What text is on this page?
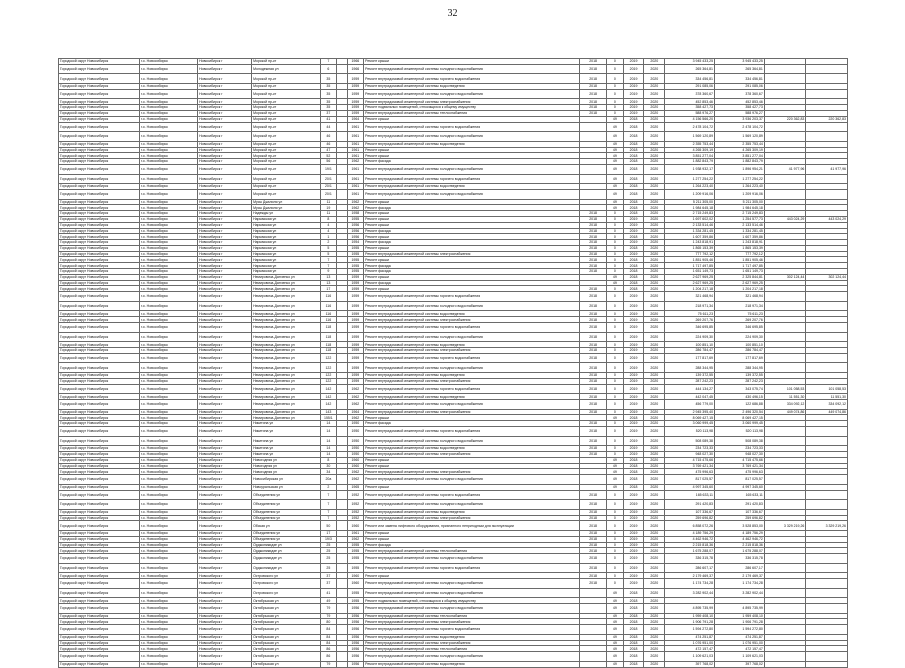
32
Городской округ Новосибирск	г.о. Новосибирск	Новосибирск г	Морской пр-кт	7		1966	Ремонт крыши	2018	0	2019	2020	3 945 433,25	3 945 433,25		
Городской округ Новосибирск	г.о. Новосибирск	Новосибирск г	Молодежная ул	6		1966	Ремонт внутридомовой инженерной системы холодного водоснабжения	2018	0	2019	2020	265 364,81	265 364,81		
Городской округ Новосибирск	г.о. Новосибирск	Новосибирск г	Морской пр-кт	35		1959	Ремонт внутридомовой инженерной системы горячего водоснабжения	2018	0	2019	2020	334 456,81	334 456,81		
Городской округ Новосибирск	г.о. Новосибирск	Новосибирск г	Морской пр-кт	35		1959	Ремонт внутридомовой инженерной системы водоотведения	2018	0	2019	2020	291 085,06	291 085,06		
Городской округ Новосибирск	г.о. Новосибирск	Новосибирск г	Морской пр-кт	35		1959	Ремонт внутридомовой инженерной системы холодного водоснабжения	2018	0	2019	2020	378 360,67	378 360,67		
Городской округ Новосибирск	г.о. Новосибирск	Новосибирск г	Морской пр-кт	35		1959	Ремонт внутридомовой инженерной системы электроснабжения	2018	0	2019	2020	452 853,46	452 853,46		
Городской округ Новосибирск	г.о. Новосибирск	Новосибирск г	Морской пр-кт	35		1959	Ремонт подвальных помещений, относящихся к общему имуществу	2018	0	2019	2020	358 427,73	358 427,73		
Городской округ Новосибирск	г.о. Новосибирск	Новосибирск г	Морской пр-кт	37		1959	Ремонт внутридомовой инженерной системы теплоснабжения	2018	0	2019	2020	588 976,27	588 976,27		
Городской округ Новосибирск	г.о. Новосибирск	Новосибирск г	Морской пр-кт	41		1964	Ремонт крыши		49	2018	2020	4 156 566,20	3 936 203,37	220 362,83	220 362,83
Городской округ Новосибирск	г.о. Новосибирск	Новосибирск г	Морской пр-кт	44		1961	Ремонт внутридомовой инженерной системы горячего водоснабжения		49	2018	2020	2 478 104,72	2 478 104,72		
Городской округ Новосибирск	г.о. Новосибирск	Новосибирск г	Морской пр-кт	46		1961	Ремонт внутридомовой инженерной системы холодного водоснабжения		49	2018	2020	1 569 120,89	1 569 120,89		
Городской округ Новосибирск	г.о. Новосибирск	Новосибирск г	Морской пр-кт	46		1961	Ремонт внутридомовой инженерной системы водоотведения		49	2018	2020	2 355 753,44	2 355 753,44		
Городской округ Новосибирск	г.о. Новосибирск	Новосибирск г	Морской пр-кт	47		1961	Ремонт крыши		49	2018	2020	4 265 309,19	4 265 309,19		
Городской округ Новосибирск	г.о. Новосибирск	Новосибирск г	Морской пр-кт	52		1961	Ремонт крыши		49	2018	2020	3 851 277,04	3 851 277,04		
Городской округ Новосибирск	г.о. Новосибирск	Новосибирск г	Морской пр-кт	56		1962	Ремонт фасада		49	2018	2020	1 882 843,79	1 882 843,79		
Городской округ Новосибирск	г.о. Новосибирск	Новосибирск г	Морской пр-кт	19/1		1961	Ремонт внутридомовой инженерной системы холодного водоснабжения		49	2018	2020	1 938 932,17	1 896 954,21	41 977,96	41 977,96
Городской округ Новосибирск	г.о. Новосибирск	Новосибирск г	Морской пр-кт	20/1		1961	Ремонт внутридомовой инженерной системы горячего водоснабжения		49	2018	2020	1 277 254,22	1 277 254,22		
Городской округ Новосибирск	г.о. Новосибирск	Новосибирск г	Морской пр-кт	20/1		1961	Ремонт внутридомовой инженерной системы водоотведения		49	2018	2020	1 264 223,40	1 264 223,40		
Городской округ Новосибирск	г.о. Новосибирск	Новосибирск г	Морской пр-кт	20/1		1961	Ремонт внутридомовой инженерной системы холодного водоснабжения		49	2018	2020	1 209 916,06	1 209 916,06		
Городской округ Новосибирск	г.о. Новосибирск	Новосибирск г	Мусы Джалиля ул	11		1962	Ремонт крыши		49	2018	2020	5 211 305,00	5 211 305,00		
Городской округ Новосибирск	г.о. Новосибирск	Новосибирск г	Мусы Джалиля ул	19		1962	Ремонт фасада		49	2018	2020	1 984 645,18	1 984 645,18		
Городской округ Новосибирск	г.о. Новосибирск	Новосибирск г	Надежды ул	11		1958	Ремонт крыши	2018	0	2018	2020	2 715 249,83	2 715 249,83		
Городской округ Новосибирск	г.о. Новосибирск	Новосибирск г	Нарымская ул	8		1955	Ремонт крыши	2018	0	2019	2020	1 697 602,02	1 254 577,73	443 024,29	443 024,29
Городской округ Новосибирск	г.о. Новосибирск	Новосибирск г	Нарымская ул	4		1956	Ремонт крыши	2018	0	2019	2020	2 133 514,46	2 133 514,46		
Городской округ Новосибирск	г.о. Новосибирск	Новосибирск г	Нарымская ул	4		1956	Ремонт фасада	2018	0	2019	2020	1 334 281,45	1 334 281,45		
Городской округ Новосибирск	г.о. Новосибирск	Новосибирск г	Нарымская ул	1		1956	Ремонт крыши	2018	0	2018	2020	1 607 359,86	1 607 359,86		
Городской округ Новосибирск	г.о. Новосибирск	Новосибирск г	Нарымская ул	2		1954	Ремонт фасада	2018	0	2019	2020	1 243 818,91	1 243 818,91		
Городской округ Новосибирск	г.о. Новосибирск	Новосибирск г	Нарымская ул	5		1955	Ремонт крыши	2018	0	2018	2020	1 865 153,39	1 865 153,39		
Городской округ Новосибирск	г.о. Новосибирск	Новосибирск г	Нарымская ул	5		1955	Ремонт внутридомовой инженерной системы электроснабжения	2018	0	2019	2020	777 792,12	777 792,12		
Городской округ Новосибирск	г.о. Новосибирск	Новосибирск г	Нарымская ул	7		1955	Ремонт крыши	2018	0	2018	2020	1 851 905,46	1 851 905,46		
Городской округ Новосибирск	г.о. Новосибирск	Новосибирск г	Нарымская ул	7		1955	Ремонт фасада	2018	0	2018	2020	1 717 497,85	1 717 497,85		
Городской округ Новосибирск	г.о. Новосибирск	Новосибирск г	Нарымская ул	9		1955	Ремонт фасада	2018	0	2018	2020	1 651 149,73	1 651 149,73		
Городской округ Новосибирск	г.о. Новосибирск	Новосибирск г	Немировича-Данченко ул	13		1959	Ремонт крыши		49	2018	2020	2 627 969,25	2 325 844,81	302 124,44	302 124,44
Городской округ Новосибирск	г.о. Новосибирск	Новосибирск г	Немировича-Данченко ул	13		1959	Ремонт фасада		49	2018	2020	2 627 969,25	2 627 969,25		
Городской округ Новосибирск	г.о. Новосибирск	Новосибирск г	Немировича-Данченко ул	17		1959	Ремонт крыши	2018	0	2018	2020	1 204 217,18	1 204 217,18		
Городской округ Новосибирск	г.о. Новосибирск	Новосибирск г	Немировича-Данченко ул	116		1959	Ремонт внутридомовой инженерной системы горячего водоснабжения	2018	0	2019	2020	321 468,94	321 468,94		
Городской округ Новосибирск	г.о. Новосибирск	Новосибирск г	Немировича-Данченко ул	116		1959	Ремонт внутридомовой инженерной системы холодного водоснабжения	2018	0	2019	2020	218 971,34	218 971,34		
Городской округ Новосибирск	г.о. Новосибирск	Новосибирск г	Немировича-Данченко ул	116		1959	Ремонт внутридомовой инженерной системы водоотведения	2018	0	2019	2020	75 611,23	75 611,23		
Городской округ Новосибирск	г.о. Новосибирск	Новосибирск г	Немировича-Данченко ул	116		1959	Ремонт внутридомовой инженерной системы электроснабжения	2018	0	2019	2020	269 207,76	269 207,76		
Городской округ Новосибирск	г.о. Новосибирск	Новосибирск г	Немировича-Данченко ул	118		1959	Ремонт внутридомовой инженерной системы горячего водоснабжения	2018	0	2019	2020	346 695,85	346 695,85		
Городской округ Новосибирск	г.о. Новосибирск	Новосибирск г	Немировича-Данченко ул	118		1959	Ремонт внутридомовой инженерной системы холодного водоснабжения	2018	0	2019	2020	224 909,30	224 909,30		
Городской округ Новосибирск	г.о. Новосибирск	Новосибирск г	Немировича-Данченко ул	118		1959	Ремонт внутридомовой инженерной системы водоотведения	2018	0	2019	2020	100 851,10	100 851,10		
Городской округ Новосибирск	г.о. Новосибирск	Новосибирск г	Немировича-Данченко ул	118		1959	Ремонт внутридомовой инженерной системы электроснабжения	2018	0	2019	2020	286 784,47	286 784,47		
Городской округ Новосибирск	г.о. Новосибирск	Новосибирск г	Немировича-Данченко ул	122		1959	Ремонт внутридомовой инженерной системы горячего водоснабжения	2018	0	2019	2020	177 817,69	177 817,69		
Городской округ Новосибирск	г.о. Новосибирск	Новосибирск г	Немировича-Данченко ул	122		1959	Ремонт внутридомовой инженерной системы холодного водоснабжения	2018	0	2019	2020	288 344,95	288 344,95		
Городской округ Новосибирск	г.о. Новосибирск	Новосибирск г	Немировича-Данченко ул	122		1959	Ремонт внутридомовой инженерной системы водоотведения	2018	0	2019	2020	139 372,55	139 372,55		
Городской округ Новосибирск	г.о. Новосибирск	Новосибирск г	Немировича-Данченко ул	122		1959	Ремонт внутридомовой инженерной системы электроснабжения	2018	0	2019	2020	287 242,23	287 242,23		
Городской округ Новосибирск	г.о. Новосибирск	Новосибирск г	Немировича-Данченко ул	142		1962	Ремонт внутридомовой инженерной системы горячего водоснабжения	2018	0	2019	2020	444 134,27	343 075,74	101 058,53	101 058,53
Городской округ Новосибирск	г.о. Новосибирск	Новосибирск г	Немировича-Данченко ул	142		1962	Ремонт внутридомовой инженерной системы водоотведения	2018	0	2019	2020	442 047,45	430 496,15	11 551,30	11 551,30
Городской округ Новосибирск	г.о. Новосибирск	Новосибирск г	Немировича-Данченко ул	142		1962	Ремонт внутридомовой инженерной системы холодного водоснабжения	2018	0	2019	2020	456 779,00	122 686,88	334 092,12	334 092,12
Городской округ Новосибирск	г.о. Новосибирск	Новосибирск г	Немировича-Данченко ул	143		1964	Ремонт внутридомовой инженерной системы электроснабжения	2018	0	2019	2020	2 945 395,40	2 496 320,54	449 074,86	449 074,86
Городской округ Новосибирск	г.о. Новосибирск	Новосибирск г	Немировича-Данченко ул	155/1		1962	Ремонт крыши		49	2018	2020	8 069 427,15	8 069 427,15		
Городской округ Новосибирск	г.о. Новосибирск	Новосибирск г	Никитина ул	14		1950	Ремонт фасада	2018	0	2019	2020	3 060 999,45	3 060 999,45		
Городской округ Новосибирск	г.о. Новосибирск	Новосибирск г	Никитина ул	14		1950	Ремонт внутридомовой инженерной системы горячего водоснабжения	2018	0	2019	2020	520 113,98	520 113,98		
Городской округ Новосибирск	г.о. Новосибирск	Новосибирск г	Никитина ул	14		1950	Ремонт внутридомовой инженерной системы холодного водоснабжения	2018	0	2019	2020	508 089,38	508 089,38		
Городской округ Новосибирск	г.о. Новосибирск	Новосибирск г	Никитина ул	14		1950	Ремонт внутридомовой инженерной системы водоотведения	2018	0	2019	2020	234 723,33	234 723,33		
Городской округ Новосибирск	г.о. Новосибирск	Новосибирск г	Никитина ул	14		1950	Ремонт внутридомовой инженерной системы электроснабжения	2018	0	2019	2020	948 027,30	948 027,30		
Городской округ Новосибирск	г.о. Новосибирск	Новосибирск г	Новогодняя ул	8		1960	Ремонт крыши		49	2018	2020	4 715 475,66	4 715 475,66		
Городской округ Новосибирск	г.о. Новосибирск	Новосибирск г	Новогодняя ул	30		1960	Ремонт крыши		49	2018	2020	3 769 421,34	3 769 421,34		
Городской округ Новосибирск	г.о. Новосибирск	Новосибирск г	Новогодняя ул	34		1962	Ремонт внутридомовой инженерной системы электроснабжения		49	2018	2020	475 996,63	475 996,63		
Городской округ Новосибирск	г.о. Новосибирск	Новосибирск г	Новосибирская ул	20а		1962	Ремонт внутридомовой инженерной системы холодного водоснабжения		49	2018	2020	817 025,57	817 025,57		
Городской округ Новосибирск	г.о. Новосибирск	Новосибирск г	Новоуральская ул	2		1965	Ремонт крыши		49	2018	2020	4 997 345,60	4 997 345,60		
Городской округ Новосибирск	г.о. Новосибирск	Новосибирск г	Объединения ул	7		1952	Ремонт внутридомовой инженерной системы горячего водоснабжения	2018	0	2019	2020	165 633,11	165 633,11		
Городской округ Новосибирск	г.о. Новосибирск	Новосибирск г	Объединения ул	7		1952	Ремонт внутридомовой инженерной системы холодного водоснабжения	2018	0	2019	2020	291 420,83	291 420,83		
Городской округ Новосибирск	г.о. Новосибирск	Новосибирск г	Объединения ул	7		1952	Ремонт внутридомовой инженерной системы водоотведения	2018	0	2019	2020	107 336,67	107 336,67		
Городской округ Новосибирск	г.о. Новосибирск	Новосибирск г	Объединения ул	7		1952	Ремонт внутридомовой инженерной системы электроснабжения	2018	0	2019	2020	259 696,82	259 696,82		
Городской округ Новосибирск	г.о. Новосибирск	Новосибирск г	Обская ул	50		1960	Ремонт или замена лифтового оборудования, признанного непригодным для эксплуатации	2018	0	2019	2020	6 858 072,26	3 528 853,00	3 329 219,26	3 329 219,26
Городской округ Новосибирск	г.о. Новосибирск	Новосибирск г	Объединения ул	17		1961	Ремонт крыши	2018	0	2019	2020	4 189 756,29	4 189 756,29		
Городской округ Новосибирск	г.о. Новосибирск	Новосибирск г	Объединения ул	19/3		1962	Ремонт крыши	2018	0	2019	2020	4 462 946,72	4 462 946,72		
Городской округ Новосибирск	г.о. Новосибирск	Новосибирск г	Орджоникидзе ул	25		1955	Ремонт фасада	2018	0	2019	2020	2 215 818,36	2 215 818,36		
Городской округ Новосибирск	г.о. Новосибирск	Новосибирск г	Орджоникидзе ул	25		1955	Ремонт внутридомовой инженерной системы теплоснабжения	2018	0	2019	2020	1 675 288,07	1 675 288,07		
Городской округ Новосибирск	г.о. Новосибирск	Новосибирск г	Орджоникидзе ул	25		1955	Ремонт внутридомовой инженерной системы холодного водоснабжения	2018	0	2019	2020	336 315,78	336 315,78		
Городской округ Новосибирск	г.о. Новосибирск	Новосибирск г	Орджоникидзе ул	25		1955	Ремонт внутридомовой инженерной системы горячего водоснабжения	2018	0	2019	2020	286 607,17	286 607,17		
Городской округ Новосибирск	г.о. Новосибирск	Новосибирск г	Островского ул	37		1960	Ремонт крыши	2018	0	2019	2020	2 179 469,37	2 179 469,37		
Городской округ Новосибирск	г.о. Новосибирск	Новосибирск г	Островского ул	37		1960	Ремонт внутридомовой инженерной системы холодного водоснабжения	2018	0	2019	2020	1 174 734,28	1 174 734,28		
Городской округ Новосибирск	г.о. Новосибирск	Новосибирск г	Островского ул	41		1955	Ремонт внутридомовой инженерной системы холодного водоснабжения		49	2018	2020	3 282 902,44	3 282 902,44		
Городской округ Новосибирск	г.о. Новосибирск	Новосибирск г	Октябрьская ул	49		1955	Ремонт подвальных помещений, относящихся к общему имуществу		49	2018	2020				
Городской округ Новосибирск	г.о. Новосибирск	Новосибирск г	Октябрьская ул	79		1956	Ремонт внутридомовой инженерной системы холодного водоснабжения		49	2018	2020	4 895 735,99	4 895 735,99		
Городской округ Новосибирск	г.о. Новосибирск	Новосибирск г	Октябрьская ул	79		1956	Ремонт внутридомовой инженерной системы теплоснабжения		49	2018	2020	1 959 408,10	1 959 408,10		
Городской округ Новосибирск	г.о. Новосибирск	Новосибирск г	Октябрьская ул	80		1956	Ремонт внутридомовой инженерной системы электроснабжения		49	2018	2020	1 906 791,28	1 906 791,28		
Городской округ Новосибирск	г.о. Новосибирск	Новосибирск г	Октябрьская ул	84		1956	Ремонт внутридомовой инженерной системы горячего водоснабжения		49	2018	2020	1 594 272,80	1 594 272,80		
Городской округ Новосибирск	г.о. Новосибирск	Новосибирск г	Октябрьская ул	84		1956	Ремонт внутридомовой инженерной системы водоотведения		49	2018	2020	474 251,87	474 251,87		
Городской округ Новосибирск	г.о. Новосибирск	Новосибирск г	Октябрьская ул	84		1956	Ремонт внутридомовой инженерной системы электроснабжения		49	2018	2020	1 076 951,00	1 076 951,00		
Городской округ Новосибирск	г.о. Новосибирск	Новосибирск г	Октябрьская ул	86		1956	Ремонт внутридомовой инженерной системы теплоснабжения		49	2018	2020	472 157,47	472 157,47		
Городской округ Новосибирск	г.о. Новосибирск	Новосибирск г	Октябрьская ул	86		1956	Ремонт внутридомовой инженерной системы холодного водоснабжения		49	2018	2020	1 109 621,03	1 109 621,03		
Городской округ Новосибирск	г.о. Новосибирск	Новосибирск г	Октябрьская ул	79		1956	Ремонт внутридомовой инженерной системы водоотведения		49	2018	2020	397 768,02	397 768,02		
